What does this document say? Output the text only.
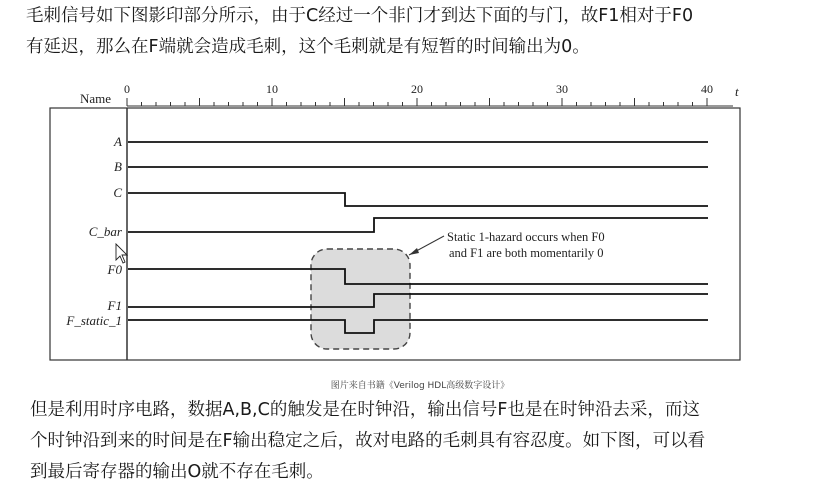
毛刺信号如下图影印部分所示，由于C经过一个非门才到达下面的与门，故F1相对于F0
有延迟，那么在F端就会造成毛刺，这个毛刺就是有短暂的时间输出为0。
Name	t
0	10	20	30	40
A
B
C
C_bar
F0
F1
F_static_1
Static 1-hazard occurs when F0
and F1 are both momentarily 0
图片来自书籍《Verilog HDL高级数字设计》
但是利用时序电路，数据A,B,C的触发是在时钟沿，输出信号F也是在时钟沿去采，而这
个时钟沿到来的时间是在F输出稳定之后，故对电路的毛刺具有容忍度。如下图，可以看
到最后寄存器的输出O就不存在毛刺。
